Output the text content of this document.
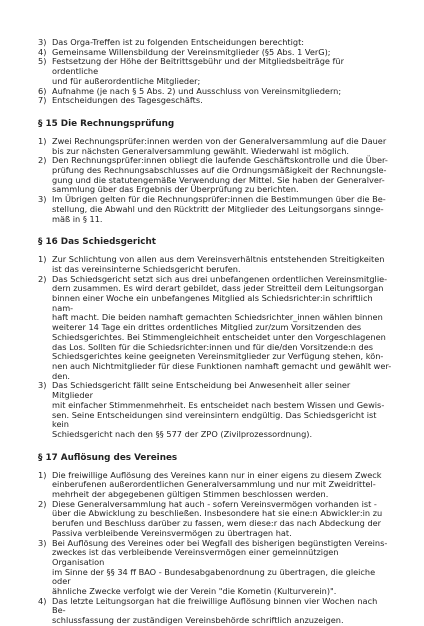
3) Das Orga-Treffen ist zu folgenden Entscheidungen berechtigt:
4) Gemeinsame Willensbildung der Vereinsmitglieder (§5 Abs. 1 VerG);
5) Festsetzung der Höhe der Beitrittsgebühr und der Mitgliedsbeiträge für ordentliche
und für außerordentliche Mitglieder;
6) Aufnahme (je nach § 5 Abs. 2) und Ausschluss von Vereinsmitgliedern;
7) Entscheidungen des Tagesgeschäfts.
§ 15 Die Rechnungsprüfung
1) Zwei Rechnungsprüfer:innen werden von der Generalversammlung auf die Dauer
bis zur nächsten Generalversammlung gewählt. Wiederwahl ist möglich.
2) Den Rechnungsprüfer:innen obliegt die laufende Geschäftskontrolle und die Über-
prüfung des Rechnungsabschlusses auf die Ordnungsmäßigkeit der Rechnungsle-
gung und die statutengemäße Verwendung der Mittel. Sie haben der Generalver-
sammlung über das Ergebnis der Überprüfung zu berichten.
3) Im Übrigen gelten für die Rechnungsprüfer:innen die Bestimmungen über die Be-
stellung, die Abwahl und den Rücktritt der Mitglieder des Leitungsorgans sinnge-
mäß in § 11.
§ 16 Das Schiedsgericht
1) Zur Schlichtung von allen aus dem Vereinsverhältnis entstehenden Streitigkeiten
ist das vereinsinterne Schiedsgericht berufen.
2) Das Schiedsgericht setzt sich aus drei unbefangenen ordentlichen Vereinsmitglie-
dern zusammen. Es wird derart gebildet, dass jeder Streitteil dem Leitungsorgan
binnen einer Woche ein unbefangenes Mitglied als Schiedsrichter:in schriftlich nam-
haft macht. Die beiden namhaft gemachten Schiedsrichter_innen wählen binnen
weiterer 14 Tage ein drittes ordentliches Mitglied zur/zum Vorsitzenden des
Schiedsgerichtes. Bei Stimmengleichheit entscheidet unter den Vorgeschlagenen
das Los. Sollten für die Schiedsrichter:innen und für die/den Vorsitzende:n des
Schiedsgerichtes keine geeigneten Vereinsmitglieder zur Verfügung stehen, kön-
nen auch Nichtmitglieder für diese Funktionen namhaft gemacht und gewählt wer-
den.
3) Das Schiedsgericht fällt seine Entscheidung bei Anwesenheit aller seiner Mitglieder
mit einfacher Stimmenmehrheit. Es entscheidet nach bestem Wissen und Gewis-
sen. Seine Entscheidungen sind vereinsintern endgültig. Das Schiedsgericht ist kein
Schiedsgericht nach den §§ 577 der ZPO (Zivilprozessordnung).
§ 17 Auflösung des Vereines
1) Die freiwillige Auflösung des Vereines kann nur in einer eigens zu diesem Zweck
einberufenen außerordentlichen Generalversammlung und nur mit Zweidrittel-
mehrheit der abgegebenen gültigen Stimmen beschlossen werden.
2) Diese Generalversammlung hat auch - sofern Vereinsvermögen vorhanden ist -
über die Abwicklung zu beschließen. Insbesondere hat sie eine:n Abwickler:in zu
berufen und Beschluss darüber zu fassen, wem diese:r das nach Abdeckung der
Passiva verbleibende Vereinsvermögen zu übertragen hat.
3) Bei Auflösung des Vereines oder bei Wegfall des bisherigen begünstigten Vereins-
zweckes ist das verbleibende Vereinsvermögen einer gemeinnützigen Organisation
im Sinne der §§ 34 ff BAO - Bundesabgabenordnung zu übertragen, die gleiche oder
ähnliche Zwecke verfolgt wie der Verein "die Kometin (Kulturverein)".
4) Das letzte Leitungsorgan hat die freiwillige Auflösung binnen vier Wochen nach Be-
schlussfassung der zuständigen Vereinsbehörde schriftlich anzuzeigen.
